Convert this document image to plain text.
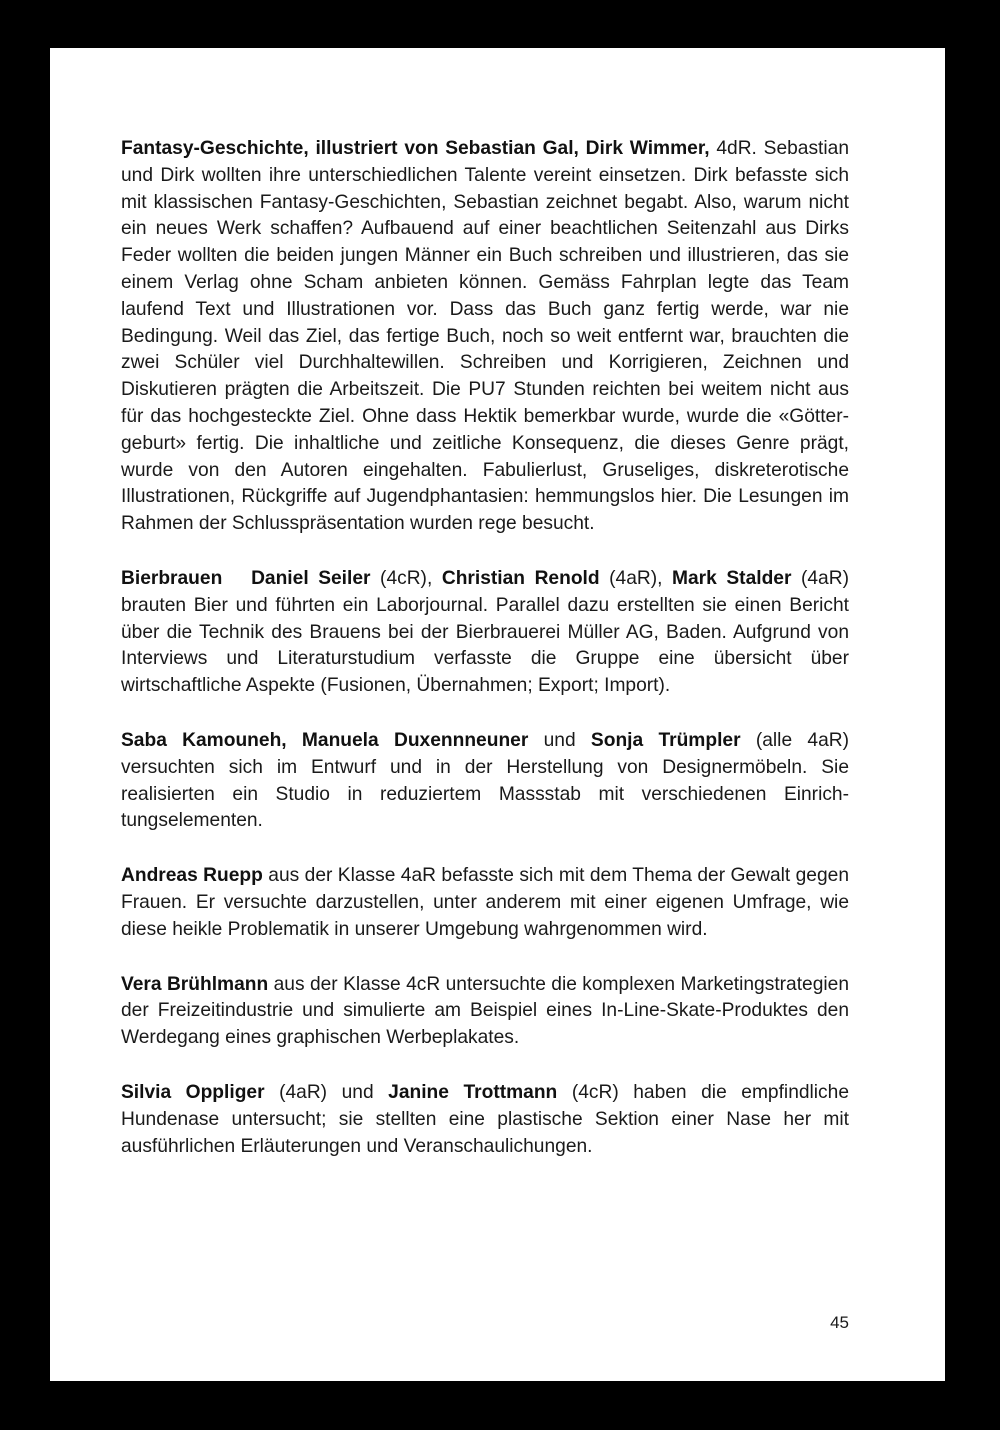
Fantasy-Geschichte, illustriert von Sebastian Gal, Dirk Wimmer, 4dR. Sebastian und Dirk wollten ihre unterschiedlichen Talente vereint einsetzen. Dirk befasste sich mit klassischen Fantasy-Geschichten, Sebastian zeichnet begabt. Also, warum nicht ein neues Werk schaffen? Aufbauend auf einer beachtlichen Seitenzahl aus Dirks Feder wollten die beiden jungen Männer ein Buch schreiben und illustrieren, das sie einem Verlag ohne Scham anbieten können. Gemäss Fahrplan legte das Team laufend Text und Illustrationen vor. Dass das Buch ganz fertig werde, war nie Bedingung. Weil das Ziel, das fertige Buch, noch so weit entfernt war, brauchten die zwei Schüler viel Durchhaltewillen. Schreiben und Korrigieren, Zeichnen und Diskutieren prägten die Arbeitszeit. Die PU7 Stunden reichten bei weitem nicht aus für das hochgesteckte Ziel. Ohne dass Hektik bemerkbar wurde, wurde die «Göttergeburt» fertig. Die inhaltliche und zeitliche Konsequenz, die dieses Genre prägt, wurde von den Autoren eingehalten. Fabulierlust, Gruseliges, diskreterotische Illustrationen, Rückgriffe auf Jugendphantasien: hemmungslos hier. Die Lesungen im Rahmen der Schlusspräsentation wurden rege besucht.

Bierbrauen  Daniel Seiler (4cR), Christian Renold (4aR), Mark Stalder (4aR) brauten Bier und führten ein Laborjournal. Parallel dazu erstellten sie einen Bericht über die Technik des Brauens bei der Bierbrauerei Müller AG, Baden. Aufgrund von Interviews und Literaturstudium verfasste die Gruppe eine übersicht über wirtschaftliche Aspekte (Fusionen, Übernahmen; Export; Import).

Saba Kamouneh, Manuela Duxennneuner und Sonja Trümpler (alle 4aR) versuchten sich im Entwurf und in der Herstellung von Designermöbeln. Sie realisierten ein Studio in reduziertem Massstab mit verschiedenen Einrichtungselementen.

Andreas Ruepp aus der Klasse 4aR befasste sich mit dem Thema der Gewalt gegen Frauen. Er versuchte darzustellen, unter anderem mit einer eigenen Umfrage, wie diese heikle Problematik in unserer Umgebung wahrgenommen wird.

Vera Brühlmann aus der Klasse 4cR untersuchte die komplexen Marketingstrategien der Freizeitindustrie und simulierte am Beispiel eines In-Line-Skate-Produktes den Werdegang eines graphischen Werbeplakates.

Silvia Oppliger (4aR) und Janine Trottmann (4cR) haben die empfindliche Hundenase untersucht; sie stellten eine plastische Sektion einer Nase her mit ausführlichen Erläuterungen und Veranschaulichungen.

45
